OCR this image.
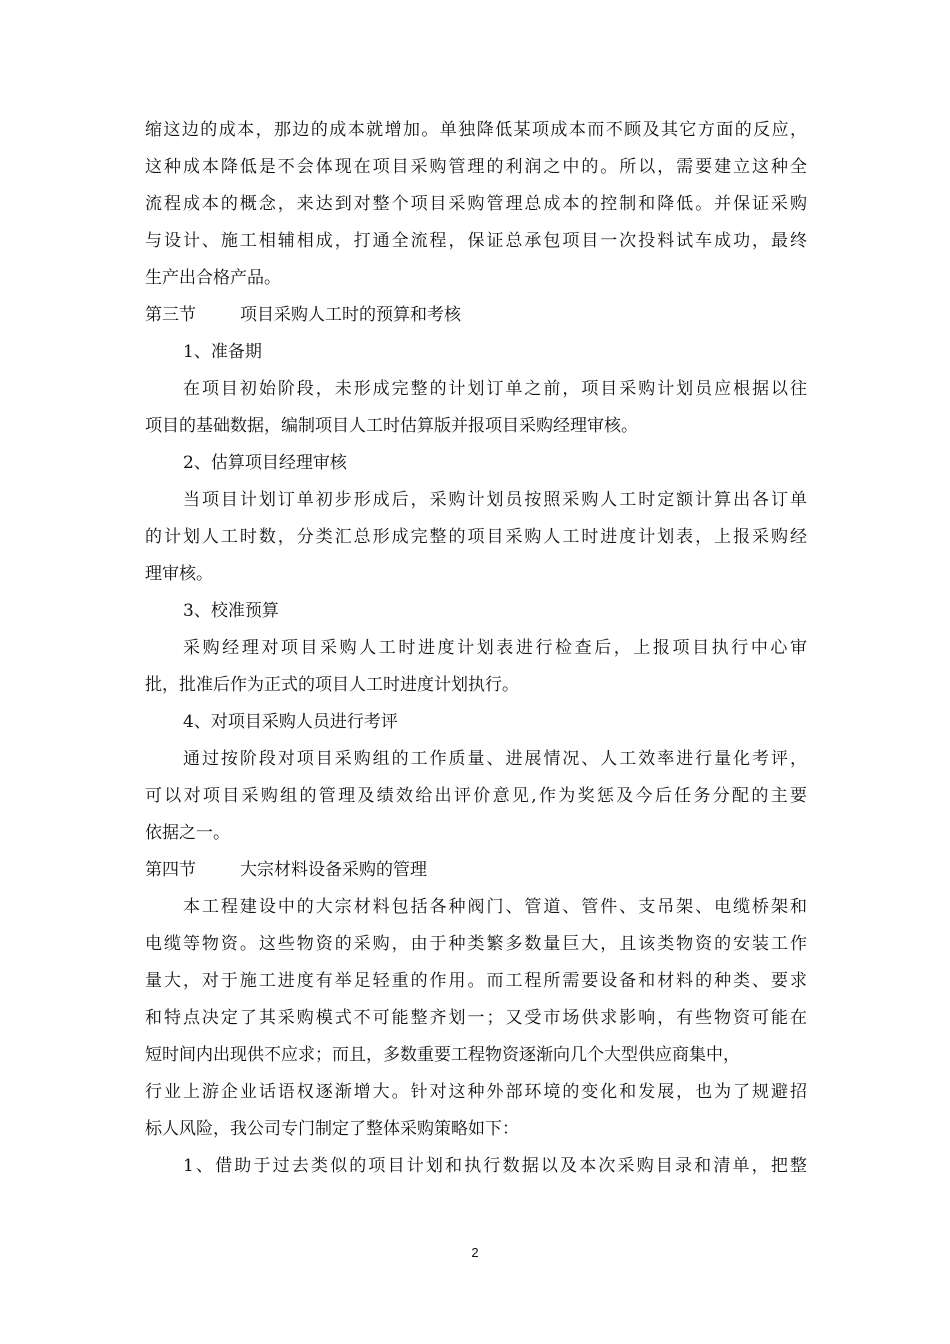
缩这边的成本，那边的成本就增加。单独降低某项成本而不顾及其它方面的反应，
这种成本降低是不会体现在项目采购管理的利润之中的。所以，需要建立这种全
流程成本的概念，来达到对整个项目采购管理总成本的控制和降低。并保证采购
与设计、施工相辅相成，打通全流程，保证总承包项目一次投料试车成功，最终
生产出合格产品。
第三节	项目采购人工时的预算和考核
1、准备期
在项目初始阶段，未形成完整的计划订单之前，项目采购计划员应根据以往
项目的基础数据，编制项目人工时估算版并报项目采购经理审核。
2、估算项目经理审核
当项目计划订单初步形成后，采购计划员按照采购人工时定额计算出各订单
的计划人工时数，分类汇总形成完整的项目采购人工时进度计划表，上报采购经
理审核。
3、校准预算
采购经理对项目采购人工时进度计划表进行检查后，上报项目执行中心审
批，批准后作为正式的项目人工时进度计划执行。
4、对项目采购人员进行考评
通过按阶段对项目采购组的工作质量、进展情况、人工效率进行量化考评，
可以对项目采购组的管理及绩效给出评价意见,作为奖惩及今后任务分配的主要
依据之一。
第四节	大宗材料设备采购的管理
本工程建设中的大宗材料包括各种阀门、管道、管件、支吊架、电缆桥架和
电缆等物资。这些物资的采购，由于种类繁多数量巨大，且该类物资的安装工作
量大，对于施工进度有举足轻重的作用。而工程所需要设备和材料的种类、要求
和特点决定了其采购模式不可能整齐划一；又受市场供求影响，有些物资可能在
短时间内出现供不应求；而且，多数重要工程物资逐渐向几个大型供应商集中，
行业上游企业话语权逐渐增大。针对这种外部环境的变化和发展，也为了规避招
标人风险，我公司专门制定了整体采购策略如下：
1、借助于过去类似的项目计划和执行数据以及本次采购目录和清单，把整
2
